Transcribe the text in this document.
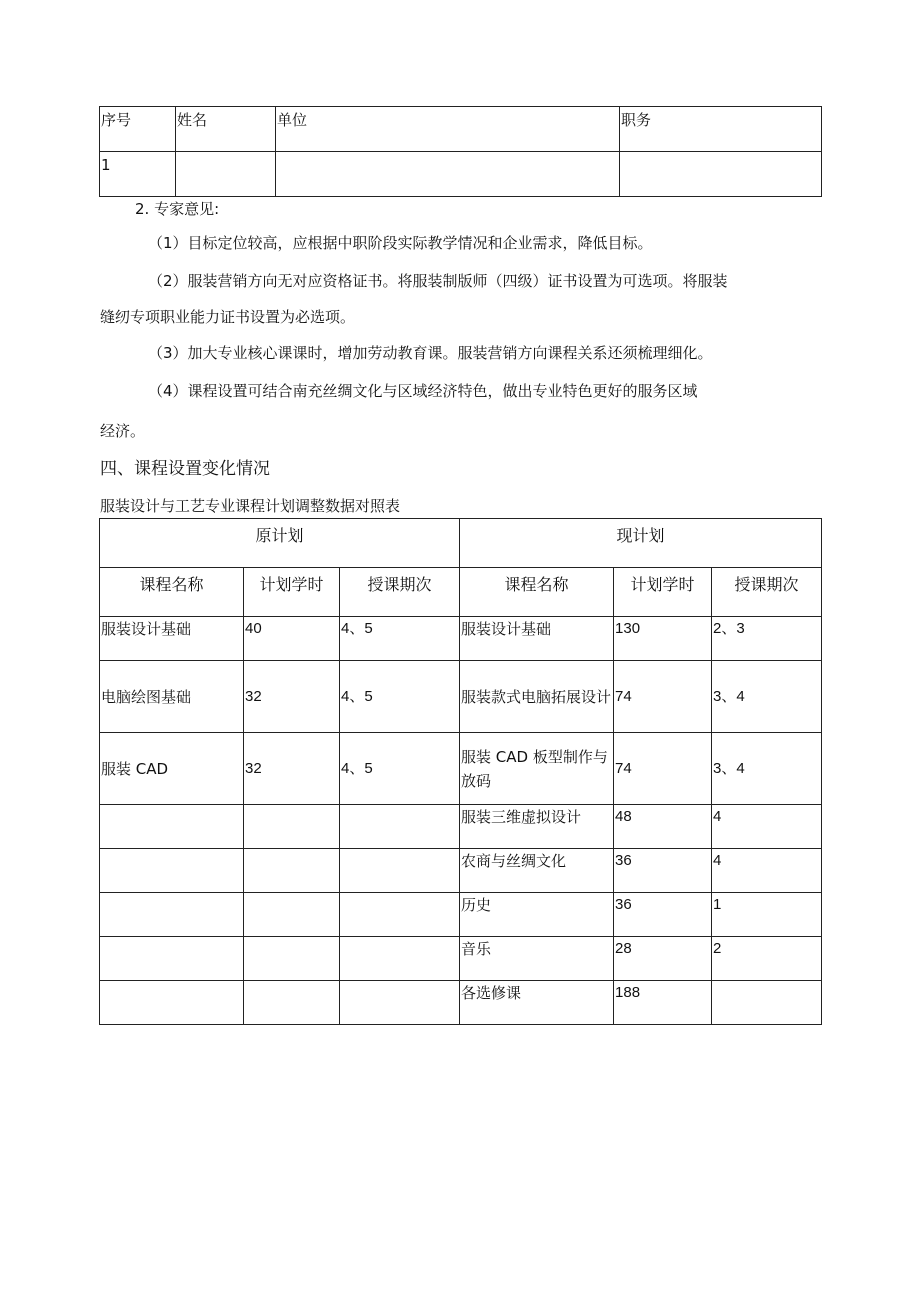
序号	姓名	单位	职务
1			

2. 专家意见:

（1）目标定位较高，应根据中职阶段实际教学情况和企业需求，降低目标。

（2）服装营销方向无对应资格证书。将服装制版师（四级）证书设置为可选项。将服装

缝纫专项职业能力证书设置为必选项。

（3）加大专业核心课课时，增加劳动教育课。服装营销方向课程关系还须梳理细化。

（4）课程设置可结合南充丝绸文化与区域经济特色，做出专业特色更好的服务区域

经济。

四、课程设置变化情况

服装设计与工艺专业课程计划调整数据对照表

原计划			现计划		
课程名称	计划学时	授课期次	课程名称	计划学时	授课期次
服装设计基础	40	4、5	服装设计基础	130	2、3
电脑绘图基础	32	4、5	服装款式电脑拓展设计	74	3、4
服装 CAD	32	4、5	服装 CAD 板型制作与放码	74	3、4
			服装三维虚拟设计	48	4
			农商与丝绸文化	36	4
			历史	36	1
			音乐	28	2
			各选修课	188	
